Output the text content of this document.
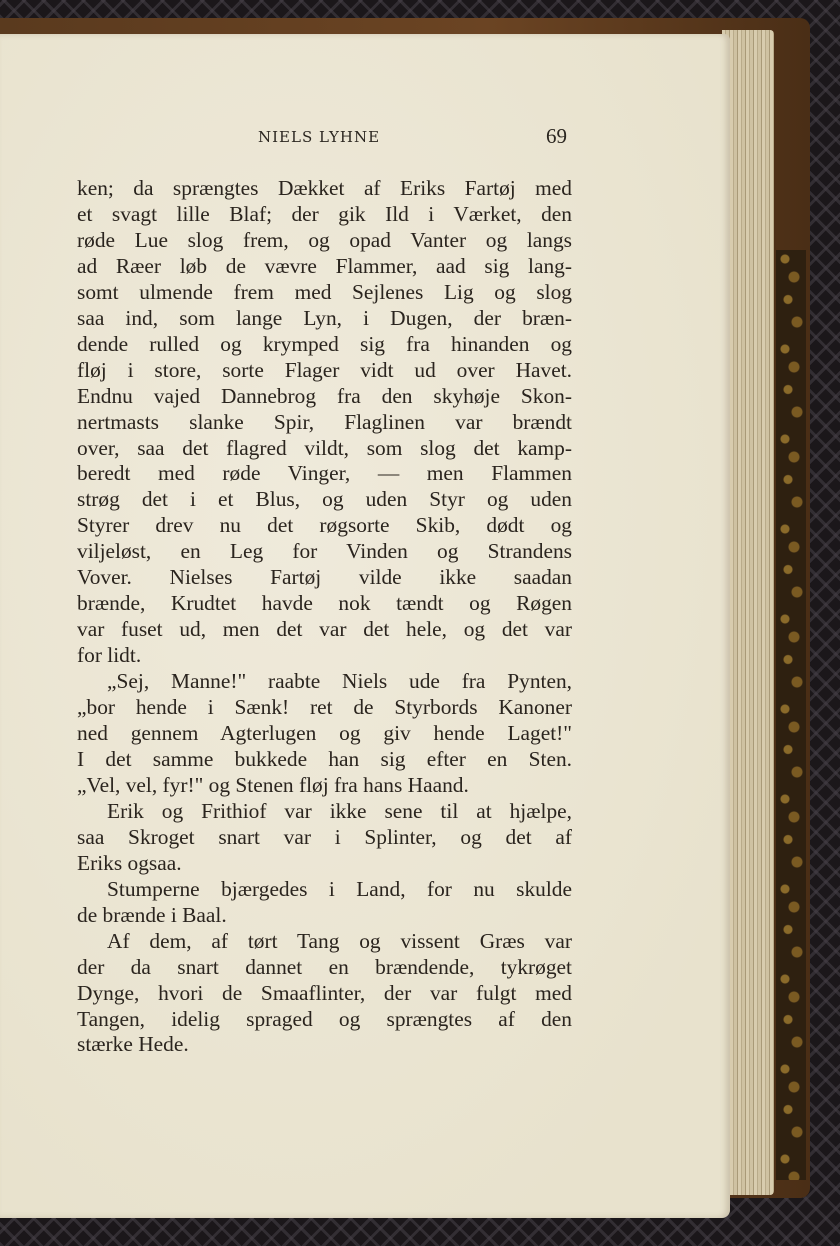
NIELS LYHNE	69
ken; da sprængtes Dækket af Eriks Fartøj med
et svagt lille Blaf; der gik Ild i Værket, den
røde Lue slog frem, og opad Vanter og langs
ad Ræer løb de vævre Flammer, aad sig lang-
somt ulmende frem med Sejlenes Lig og slog
saa ind, som lange Lyn, i Dugen, der bræn-
dende rulled og krymped sig fra hinanden og
fløj i store, sorte Flager vidt ud over Havet.
Endnu vajed Dannebrog fra den skyhøje Skon-
nertmasts slanke Spir, Flaglinen var brændt
over, saa det flagred vildt, som slog det kamp-
beredt med røde Vinger, — men Flammen
strøg det i et Blus, og uden Styr og uden
Styrer drev nu det røgsorte Skib, dødt og
viljeløst, en Leg for Vinden og Strandens
Vover. Nielses Fartøj vilde ikke saadan
brænde, Krudtet havde nok tændt og Røgen
var fuset ud, men det var det hele, og det var
for lidt.
„Sej, Manne!" raabte Niels ude fra Pynten,
„bor hende i Sænk! ret de Styrbords Kanoner
ned gennem Agterlugen og giv hende Laget!"
I det samme bukkede han sig efter en Sten.
„Vel, vel, fyr!" og Stenen fløj fra hans Haand.
Erik og Frithiof var ikke sene til at hjælpe,
saa Skroget snart var i Splinter, og det af
Eriks ogsaa.
Stumperne bjærgedes i Land, for nu skulde
de brænde i Baal.
Af dem, af tørt Tang og vissent Græs var
der da snart dannet en brændende, tykrøget
Dynge, hvori de Smaaflinter, der var fulgt med
Tangen, idelig spraged og sprængtes af den
stærke Hede.
